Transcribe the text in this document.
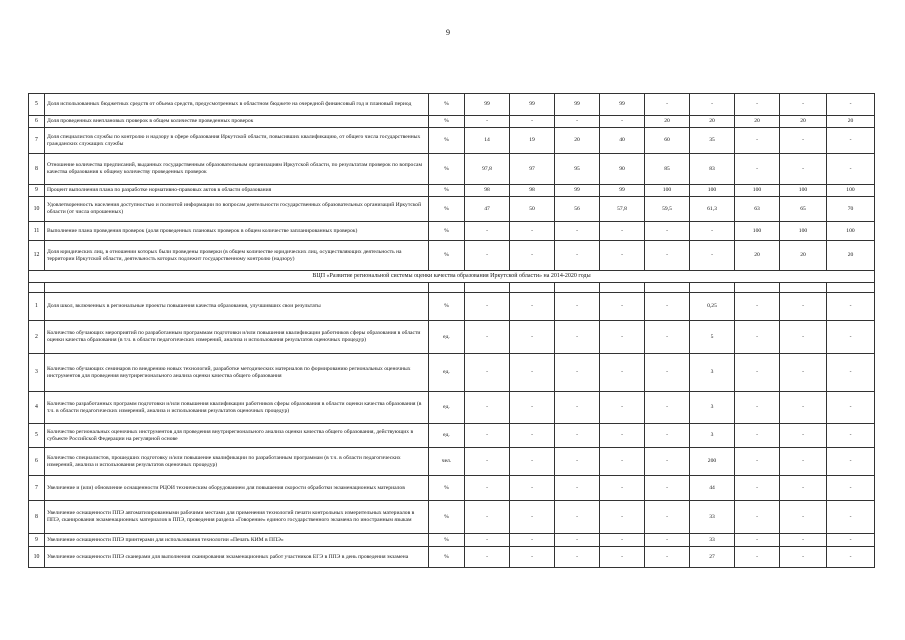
9
5	Доля использованных бюджетных средств от объема средств, предусмотренных в областном бюджете на очередной финансовый год и плановый период	%	99	99	99	99	-	-	-	-	-
6	Доля проведенных внеплановых проверок в общем количестве проведенных проверок	%	-	-	-	-	20	20	20	20	20
7	Доля специалистов службы по контролю и надзору в сфере образования Иркутской области, повысивших квалификацию, от общего числа государственных гражданских служащих службы	%	14	19	20	40	60	35	-	-	-
8	Отношение количества предписаний, выданных государственным образовательным организациям Иркутской области, по результатам проверок по вопросам качества образования к общему количеству проведенных проверок	%	97,8	97	95	90	85	83	-	-	-
9	Процент выполнения плана по разработке нормативно-правовых актов в области образования	%	98	98	99	99	100	100	100	100	100
10	Удовлетворенность населения доступностью и полнотой информации по вопросам деятельности государственных образовательных организаций Иркутской области (от числа опрошенных)	%	47	50	56	57,8	59,5	61,3	63	65	70
11	Выполнение плана проведения проверок (доля проведенных плановых проверок в общем количестве запланированных проверок)	%	-	-	-	-	-	-	100	100	100
12	Доля юридических лиц, в отношении которых были проведены проверки (в общем количестве юридических лиц, осуществляющих деятельность на территории Иркутской области, деятельность которых подлежит государственному контролю (надзору)	%	-	-	-	-	-	-	20	20	20
ВЦП «Развитие региональной системы оценки качества образования Иркутской области» на 2014-2020 годы											

1	Доля школ, включенных в региональные проекты повышения качества образования, улучшивших свои результаты	%	-	-	-	-	-	0,25	-	-	-
2	Количество обучающих мероприятий по разработанным программам подготовки и/или повышения квалификации работников сферы образования в области оценки качества образования (в т.ч. в области педагогических измерений, анализа и использования результатов оценочных процедур)	ед.	-	-	-	-	-	5	-	-	-
3	Количество обучающих семинаров по внедрению новых технологий, разработке методических материалов по формированию региональных оценочных инструментов для проведения внутрирегионального анализа оценки качества общего образования	ед.	-	-	-	-	-	3	-	-	-
4	Количество разработанных программ подготовки и/или повышения квалификации работников сферы образования в области оценки качества образования (в т.ч. в области педагогических измерений, анализа и использования результатов оценочных процедур)	ед.	-	-	-	-	-	3	-	-	-
5	Количество региональных оценочных инструментов для проведения внутрирегионального анализа оценки качества общего образования, действующих в субъекте Российской Федерации на регулярной основе	ед.	-	-	-	-	-	3	-	-	-
6	Количество специалистов, прошедших подготовку и/или повышение квалификации по разработанным программам (в т.ч. в области педагогических измерений, анализа и использования результатов оценочных процедур)	чел.	-	-	-	-	-	200	-	-	-
7	Увеличение и (или) обновление оснащенности РЦОИ техническим оборудованием для повышения скорости обработки экзаменационных материалов	%	-	-	-	-	-	44	-	-	-
8	Увеличение оснащенности ППЭ автоматизированными рабочими местами для применения технологий печати контрольных измерительных материалов в ППЭ, сканирования экзаменационных материалов в ППЭ, проведения раздела «Говорение» единого государственного экзамена по иностранным языкам	%	-	-	-	-	-	33	-	-	-
9	Увеличение оснащенности ППЭ принтерами для использования технологии «Печать КИМ в ППЭ»	%	-	-	-	-	-	33	-	-	-
10	Увеличение оснащенности ППЭ сканерами для выполнения сканирования экзаменационных работ участников ЕГЭ в ППЭ в день проведения экзамена	%	-	-	-	-	-	27	-	-	-
